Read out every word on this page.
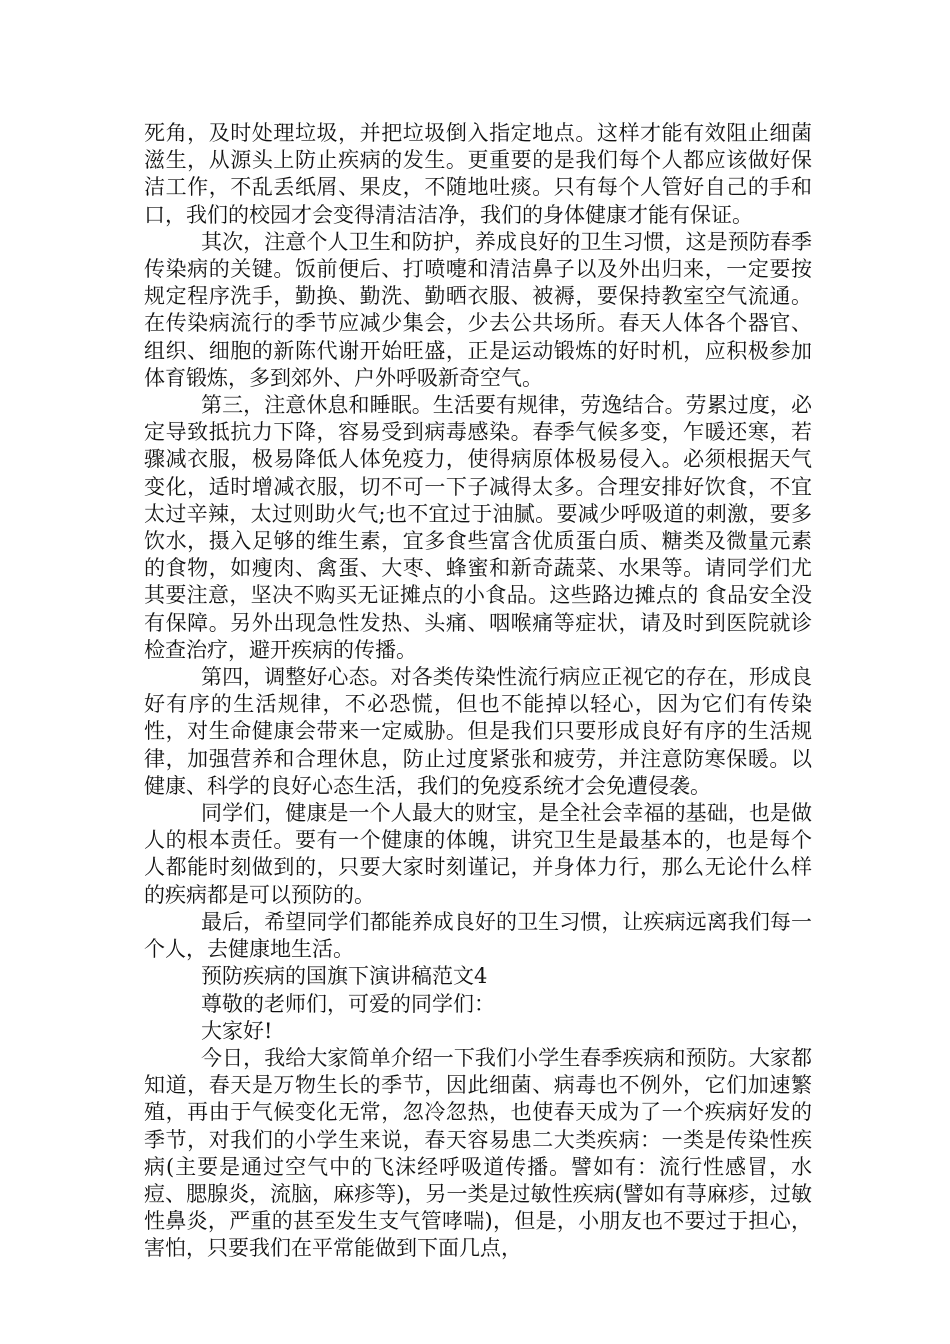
死角，及时处理垃圾，并把垃圾倒入指定地点。这样才能有效阻止细菌滋生，从源头上防止疾病的发生。更重要的是我们每个人都应该做好保洁工作，不乱丢纸屑、果皮，不随地吐痰。只有每个人管好自己的手和口，我们的校园才会变得清洁洁净，我们的身体健康才能有保证。

其次，注意个人卫生和防护，养成良好的卫生习惯，这是预防春季传染病的关键。饭前便后、打喷嚏和清洁鼻子以及外出归来，一定要按规定程序洗手，勤换、勤洗、勤晒衣服、被褥，要保持教室空气流通。在传染病流行的季节应减少集会，少去公共场所。春天人体各个器官、组织、细胞的新陈代谢开始旺盛，正是运动锻炼的好时机，应积极参加体育锻炼，多到郊外、户外呼吸新奇空气。

第三，注意休息和睡眠。生活要有规律，劳逸结合。劳累过度，必定导致抵抗力下降，容易受到病毒感染。春季气候多变，乍暖还寒，若骤减衣服，极易降低人体免疫力，使得病原体极易侵入。必须根据天气变化，适时增减衣服，切不可一下子减得太多。合理安排好饮食，不宜太过辛辣，太过则助火气;也不宜过于油腻。要减少呼吸道的刺激，要多饮水，摄入足够的维生素，宜多食些富含优质蛋白质、糖类及微量元素的食物，如瘦肉、禽蛋、大枣、蜂蜜和新奇蔬菜、水果等。请同学们尤其要注意，坚决不购买无证摊点的小食品。这些路边摊点的 食品安全没有保障。另外出现急性发热、头痛、咽喉痛等症状，请及时到医院就诊检查治疗，避开疾病的传播。

第四，调整好心态。对各类传染性流行病应正视它的存在，形成良好有序的生活规律，不必恐慌，但也不能掉以轻心，因为它们有传染性，对生命健康会带来一定威胁。但是我们只要形成良好有序的生活规律，加强营养和合理休息，防止过度紧张和疲劳，并注意防寒保暖。以健康、科学的良好心态生活，我们的免疫系统才会免遭侵袭。

同学们，健康是一个人最大的财宝，是全社会幸福的基础，也是做人的根本责任。要有一个健康的体魄，讲究卫生是最基本的，也是每个人都能时刻做到的，只要大家时刻谨记，并身体力行，那么无论什么样的疾病都是可以预防的。

最后，希望同学们都能养成良好的卫生习惯，让疾病远离我们每一个人，去健康地生活。

预防疾病的国旗下演讲稿范文4

尊敬的老师们，可爱的同学们：

大家好!

今日，我给大家简单介绍一下我们小学生春季疾病和预防。大家都知道，春天是万物生长的季节，因此细菌、病毒也不例外，它们加速繁殖，再由于气候变化无常，忽冷忽热，也使春天成为了一个疾病好发的季节，对我们的小学生来说，春天容易患二大类疾病：一类是传染性疾病(主要是通过空气中的飞沫经呼吸道传播。譬如有：流行性感冒，水痘、腮腺炎，流脑，麻疹等)，另一类是过敏性疾病(譬如有荨麻疹，过敏性鼻炎，严重的甚至发生支气管哮喘)，但是，小朋友也不要过于担心，害怕，只要我们在平常能做到下面几点，
